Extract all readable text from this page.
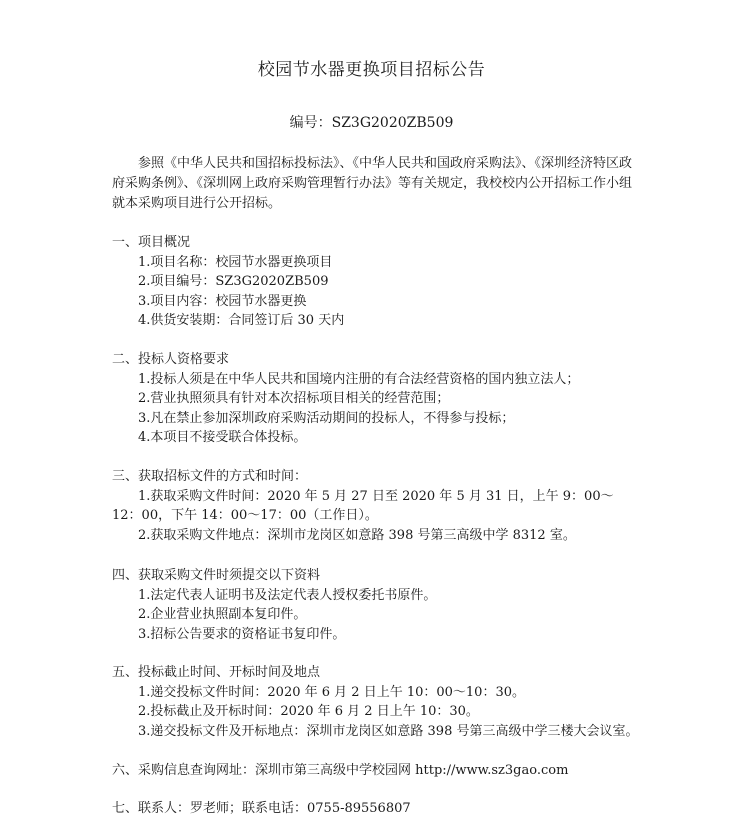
校园节水器更换项目招标公告
编号：SZ3G2020ZB509

参照《中华人民共和国招标投标法》、《中华人民共和国政府采购法》、《深圳经济特区政府采购条例》、《深圳网上政府采购管理暂行办法》等有关规定，我校校内公开招标工作小组就本采购项目进行公开招标。

一、项目概况

1.项目名称：校园节水器更换项目
2.项目编号：SZ3G2020ZB509
3.项目内容：校园节水器更换
4.供货安装期：合同签订后 30 天内

二、投标人资格要求

1.投标人须是在中华人民共和国境内注册的有合法经营资格的国内独立法人；
2.营业执照须具有针对本次招标项目相关的经营范围；
3.凡在禁止参加深圳政府采购活动期间的投标人，不得参与投标；
4.本项目不接受联合体投标。

三、获取招标文件的方式和时间：

1.获取采购文件时间：2020 年 5 月 27 日至 2020 年 5 月 31 日，上午 9：00～12：00，下午 14：00～17：00（工作日）。
2.获取采购文件地点：深圳市龙岗区如意路 398 号第三高级中学 8312 室。

四、获取采购文件时须提交以下资料

1.法定代表人证明书及法定代表人授权委托书原件。
2.企业营业执照副本复印件。
3.招标公告要求的资格证书复印件。

五、投标截止时间、开标时间及地点

1.递交投标文件时间：2020 年 6 月 2 日上午 10：00～10：30。
2.投标截止及开标时间：2020 年 6 月 2 日上午 10：30。
3.递交投标文件及开标地点：深圳市龙岗区如意路 398 号第三高级中学三楼大会议室。
六、采购信息查询网址：深圳市第三高级中学校园网 http://www.sz3gao.com
七、联系人：罗老师；联系电话：0755-89556807
